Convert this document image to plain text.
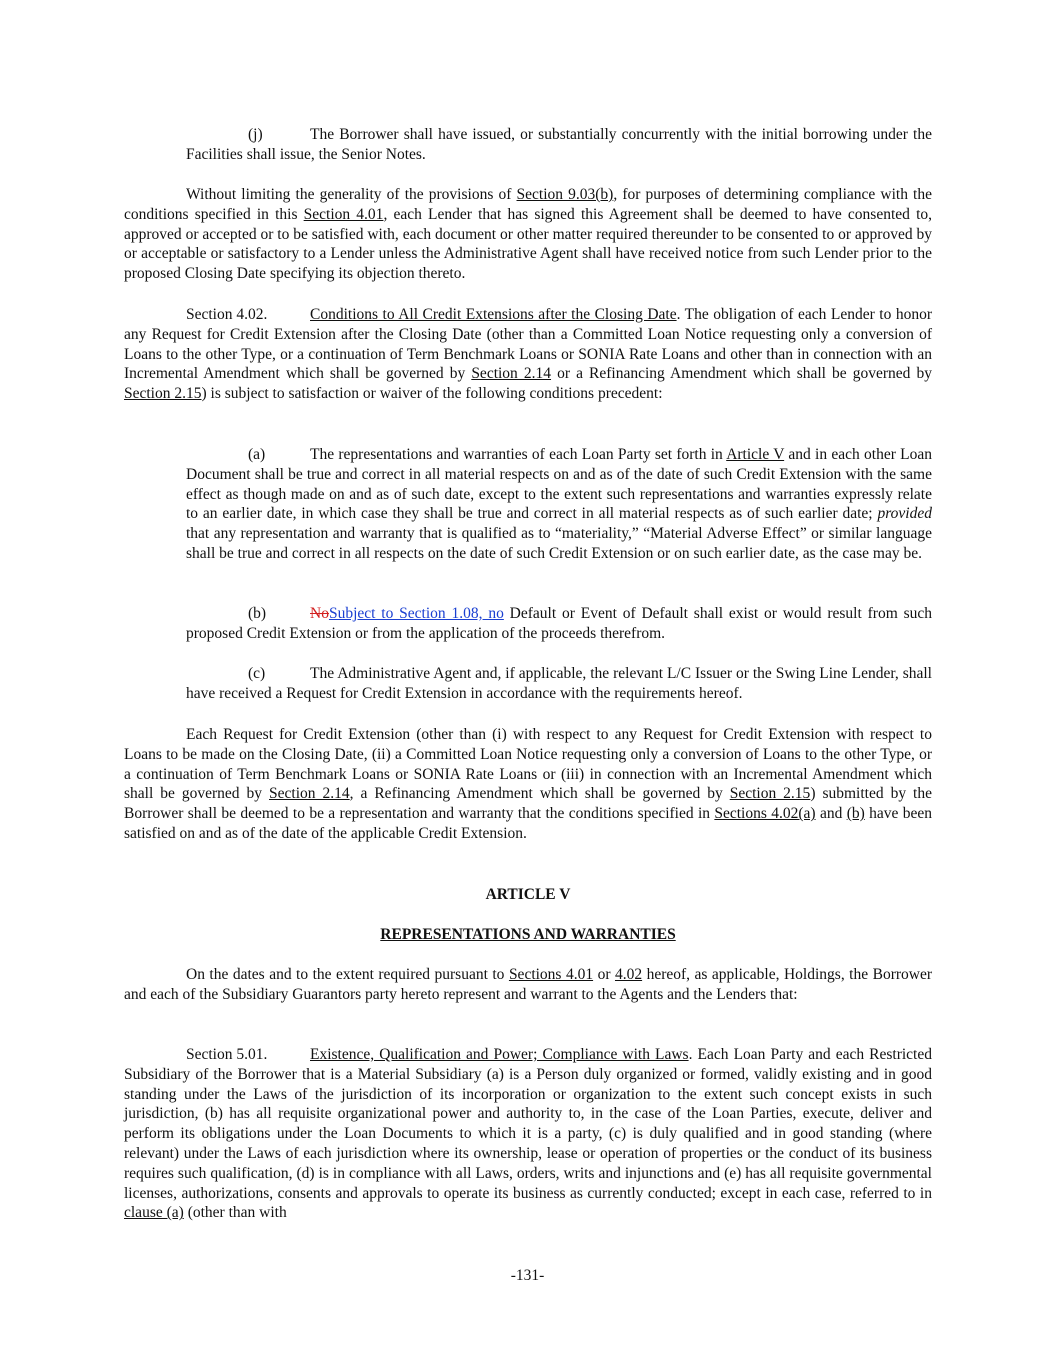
(j)	The Borrower shall have issued, or substantially concurrently with the initial borrowing under the Facilities shall issue, the Senior Notes.

Without limiting the generality of the provisions of Section 9.03(b), for purposes of determining compliance with the conditions specified in this Section 4.01, each Lender that has signed this Agreement shall be deemed to have consented to, approved or accepted or to be satisfied with, each document or other matter required thereunder to be consented to or approved by or acceptable or satisfactory to a Lender unless the Administrative Agent shall have received notice from such Lender prior to the proposed Closing Date specifying its objection thereto.

Section 4.02.	Conditions to All Credit Extensions after the Closing Date. The obligation of each Lender to honor any Request for Credit Extension after the Closing Date (other than a Committed Loan Notice requesting only a conversion of Loans to the other Type, or a continuation of Term Benchmark Loans or SONIA Rate Loans and other than in connection with an Incremental Amendment which shall be governed by Section 2.14 or a Refinancing Amendment which shall be governed by Section 2.15) is subject to satisfaction or waiver of the following conditions precedent:

(a)	The representations and warranties of each Loan Party set forth in Article V and in each other Loan Document shall be true and correct in all material respects on and as of the date of such Credit Extension with the same effect as though made on and as of such date, except to the extent such representations and warranties expressly relate to an earlier date, in which case they shall be true and correct in all material respects as of such earlier date; provided that any representation and warranty that is qualified as to “materiality,” “Material Adverse Effect” or similar language shall be true and correct in all respects on the date of such Credit Extension or on such earlier date, as the case may be.

(b)	NoSubject to Section 1.08, no Default or Event of Default shall exist or would result from such proposed Credit Extension or from the application of the proceeds therefrom.

(c)	The Administrative Agent and, if applicable, the relevant L/C Issuer or the Swing Line Lender, shall have received a Request for Credit Extension in accordance with the requirements hereof.

Each Request for Credit Extension (other than (i) with respect to any Request for Credit Extension with respect to Loans to be made on the Closing Date, (ii) a Committed Loan Notice requesting only a conversion of Loans to the other Type, or a continuation of Term Benchmark Loans or SONIA Rate Loans or (iii) in connection with an Incremental Amendment which shall be governed by Section 2.14, a Refinancing Amendment which shall be governed by Section 2.15) submitted by the Borrower shall be deemed to be a representation and warranty that the conditions specified in Sections 4.02(a) and (b) have been satisfied on and as of the date of the applicable Credit Extension.

ARTICLE V

REPRESENTATIONS AND WARRANTIES

On the dates and to the extent required pursuant to Sections 4.01 or 4.02 hereof, as applicable, Holdings, the Borrower and each of the Subsidiary Guarantors party hereto represent and warrant to the Agents and the Lenders that:

Section 5.01.	Existence, Qualification and Power; Compliance with Laws. Each Loan Party and each Restricted Subsidiary of the Borrower that is a Material Subsidiary (a) is a Person duly organized or formed, validly existing and in good standing under the Laws of the jurisdiction of its incorporation or organization to the extent such concept exists in such jurisdiction, (b) has all requisite organizational power and authority to, in the case of the Loan Parties, execute, deliver and perform its obligations under the Loan Documents to which it is a party, (c) is duly qualified and in good standing (where relevant) under the Laws of each jurisdiction where its ownership, lease or operation of properties or the conduct of its business requires such qualification, (d) is in compliance with all Laws, orders, writs and injunctions and (e) has all requisite governmental licenses, authorizations, consents and approvals to operate its business as currently conducted; except in each case, referred to in clause (a) (other than with

-131-
